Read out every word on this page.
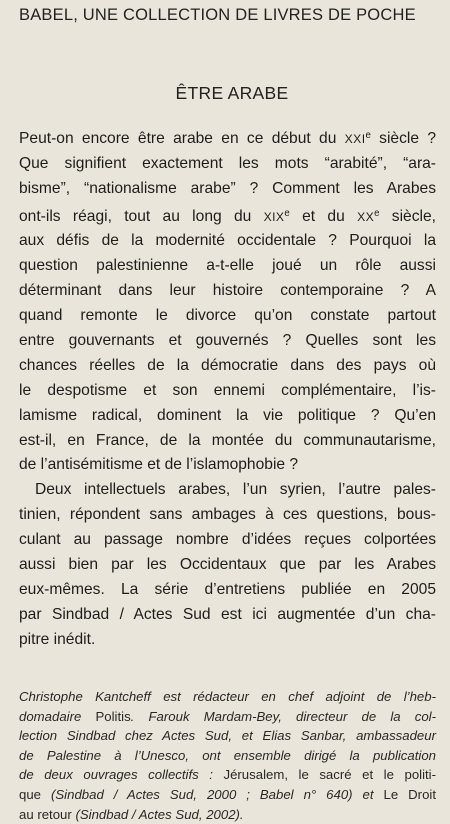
BABEL, UNE COLLECTION DE LIVRES DE POCHE
ÊTRE ARABE
Peut-on encore être arabe en ce début du XXIe siècle ?
Que signifient exactement les mots “arabité”, “ara-
bisme”, “nationalisme arabe” ? Comment les Arabes
ont-ils réagi, tout au long du XIXe et du XXe siècle,
aux défis de la modernité occidentale ? Pourquoi la
question palestinienne a-t-elle joué un rôle aussi
déterminant dans leur histoire contemporaine ? A
quand remonte le divorce qu’on constate partout
entre gouvernants et gouvernés ? Quelles sont les
chances réelles de la démocratie dans des pays où
le despotisme et son ennemi complémentaire, l’is-
lamisme radical, dominent la vie politique ? Qu’en
est-il, en France, de la montée du communautarisme,
de l’antisémitisme et de l’islamophobie ?
Deux intellectuels arabes, l’un syrien, l’autre pales-
tinien, répondent sans ambages à ces questions, bous-
culant au passage nombre d’idées reçues colportées
aussi bien par les Occidentaux que par les Arabes
eux-mêmes. La série d’entretiens publiée en 2005
par Sindbad / Actes Sud est ici augmentée d’un cha-
pitre inédit.
Christophe Kantcheff est rédacteur en chef adjoint de l’heb-
domadaire Politis. Farouk Mardam-Bey, directeur de la col-
lection Sindbad chez Actes Sud, et Elias Sanbar, ambassadeur
de Palestine à l’Unesco, ont ensemble dirigé la publication
de deux ouvrages collectifs : Jérusalem, le sacré et le politi-
que (Sindbad / Actes Sud, 2000 ; Babel n° 640) et Le Droit
au retour (Sindbad / Actes Sud, 2002).
